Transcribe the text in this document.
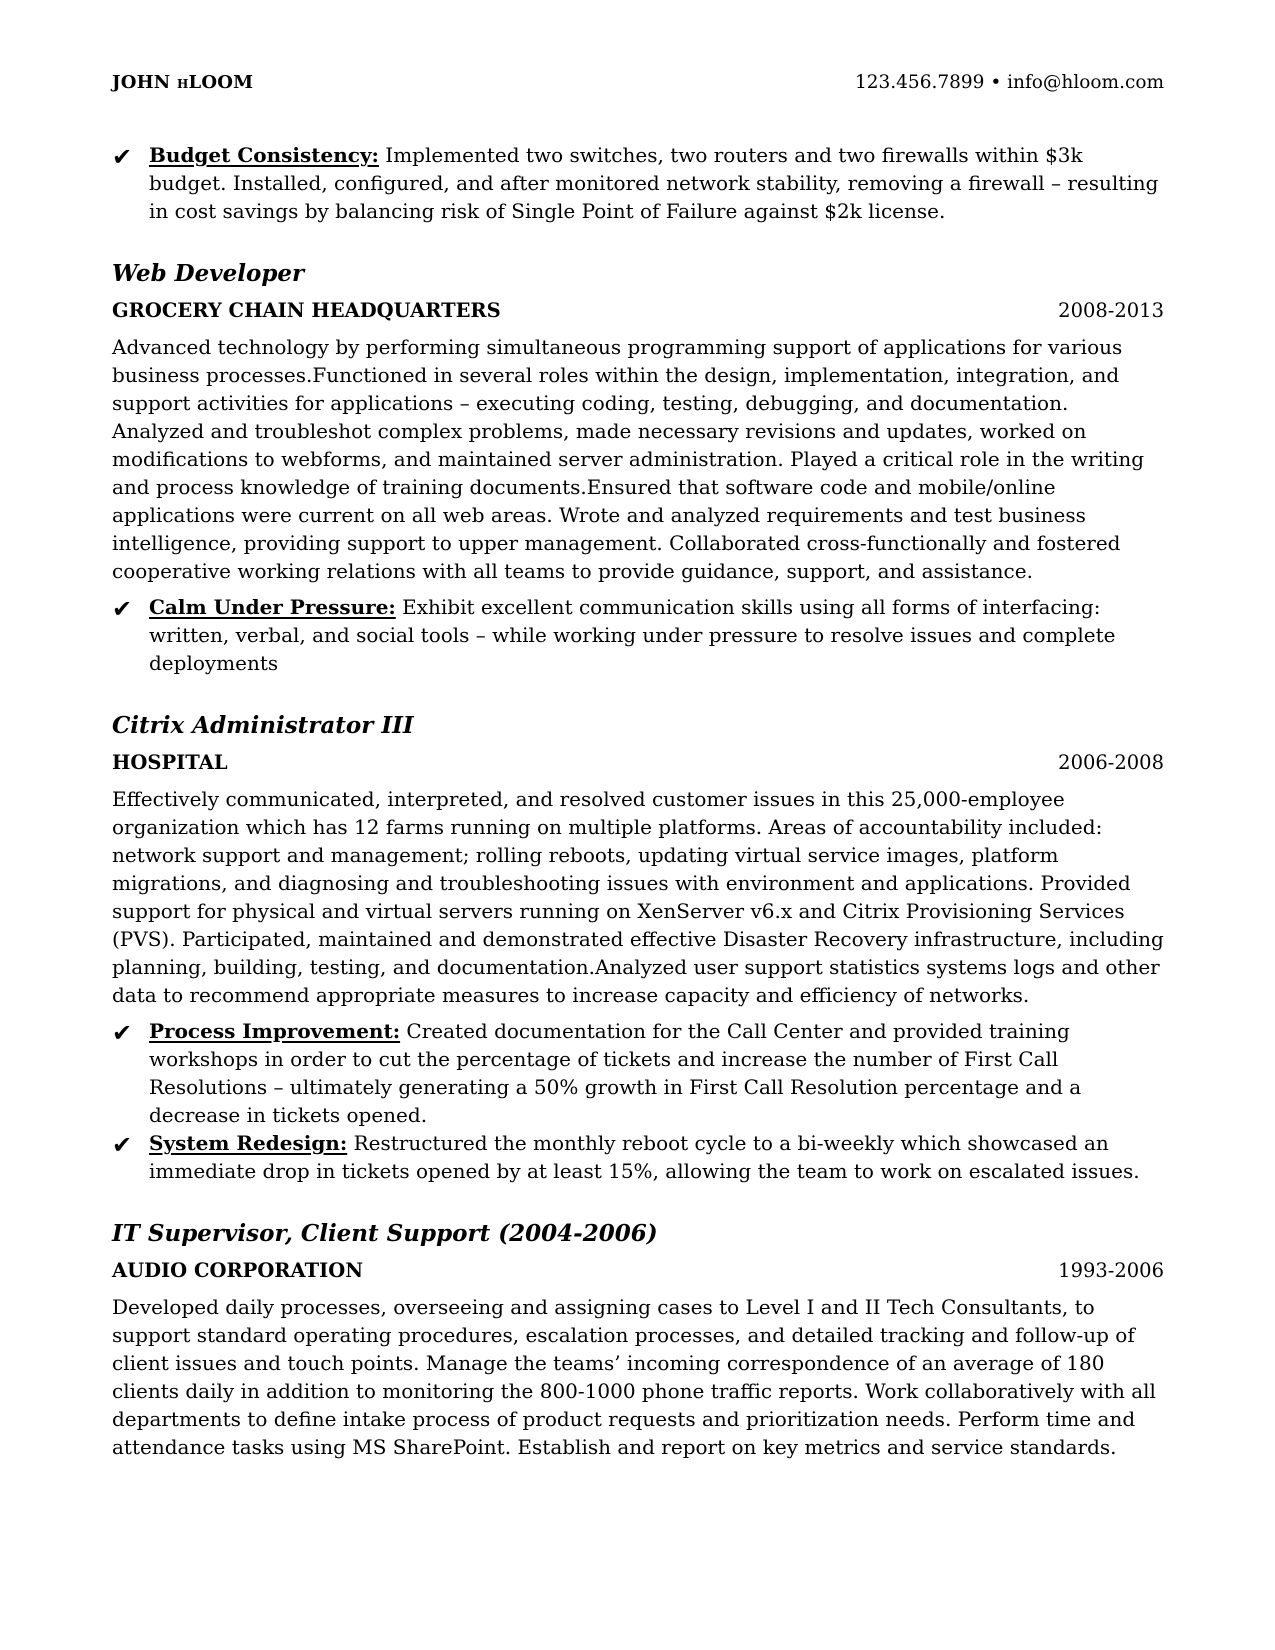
JOHN HLOOM	123.456.7899 • info@hloom.com
✔ Budget Consistency: Implemented two switches, two routers and two firewalls within $3k budget. Installed, configured, and after monitored network stability, removing a firewall – resulting in cost savings by balancing risk of Single Point of Failure against $2k license.
Web Developer
GROCERY CHAIN HEADQUARTERS	2008-2013
Advanced technology by performing simultaneous programming support of applications for various business processes.Functioned in several roles within the design, implementation, integration, and support activities for applications – executing coding, testing, debugging, and documentation. Analyzed and troubleshot complex problems, made necessary revisions and updates, worked on modifications to webforms, and maintained server administration. Played a critical role in the writing and process knowledge of training documents.Ensured that software code and mobile/online applications were current on all web areas. Wrote and analyzed requirements and test business intelligence, providing support to upper management. Collaborated cross-functionally and fostered cooperative working relations with all teams to provide guidance, support, and assistance.
✔ Calm Under Pressure: Exhibit excellent communication skills using all forms of interfacing: written, verbal, and social tools – while working under pressure to resolve issues and complete deployments
Citrix Administrator III
HOSPITAL	2006-2008
Effectively communicated, interpreted, and resolved customer issues in this 25,000-employee organization which has 12 farms running on multiple platforms. Areas of accountability included: network support and management; rolling reboots, updating virtual service images, platform migrations, and diagnosing and troubleshooting issues with environment and applications. Provided support for physical and virtual servers running on XenServer v6.x and Citrix Provisioning Services (PVS). Participated, maintained and demonstrated effective Disaster Recovery infrastructure, including planning, building, testing, and documentation.Analyzed user support statistics systems logs and other data to recommend appropriate measures to increase capacity and efficiency of networks.
✔ Process Improvement: Created documentation for the Call Center and provided training workshops in order to cut the percentage of tickets and increase the number of First Call Resolutions – ultimately generating a 50% growth in First Call Resolution percentage and a decrease in tickets opened.
✔ System Redesign: Restructured the monthly reboot cycle to a bi-weekly which showcased an immediate drop in tickets opened by at least 15%, allowing the team to work on escalated issues.
IT Supervisor, Client Support (2004-2006)
AUDIO CORPORATION	1993-2006
Developed daily processes, overseeing and assigning cases to Level I and II Tech Consultants, to support standard operating procedures, escalation processes, and detailed tracking and follow-up of client issues and touch points. Manage the teams’ incoming correspondence of an average of 180 clients daily in addition to monitoring the 800-1000 phone traffic reports. Work collaboratively with all departments to define intake process of product requests and prioritization needs. Perform time and attendance tasks using MS SharePoint. Establish and report on key metrics and service standards.
